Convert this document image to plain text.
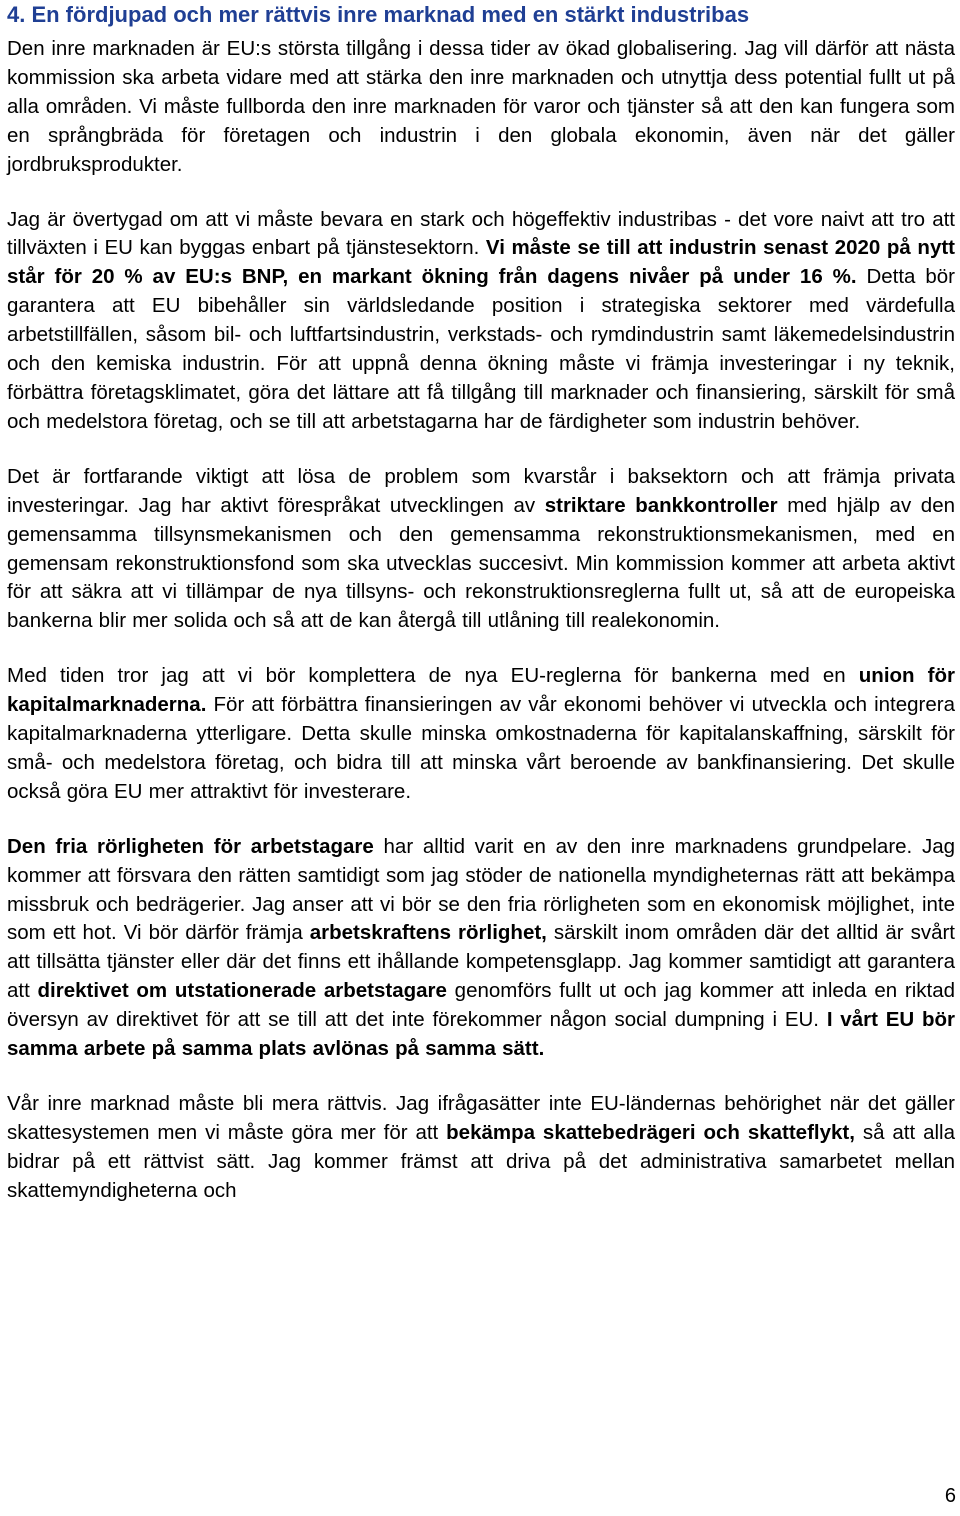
4. En fördjupad och mer rättvis inre marknad med en stärkt industribas

Den inre marknaden är EU:s största tillgång i dessa tider av ökad globalisering. Jag vill därför att nästa kommission ska arbeta vidare med att stärka den inre marknaden och utnyttja dess potential fullt ut på alla områden. Vi måste fullborda den inre marknaden för varor och tjänster så att den kan fungera som en språngbräda för företagen och industrin i den globala ekonomin, även när det gäller jordbruksprodukter.

Jag är övertygad om att vi måste bevara en stark och högeffektiv industribas - det vore naivt att tro att tillväxten i EU kan byggas enbart på tjänstesektorn. Vi måste se till att industrin senast 2020 på nytt står för 20 % av EU:s BNP, en markant ökning från dagens nivåer på under 16 %. Detta bör garantera att EU bibehåller sin världsledande position i strategiska sektorer med värdefulla arbetstillfällen, såsom bil- och luftfartsindustrin, verkstads- och rymdindustrin samt läkemedelsindustrin och den kemiska industrin. För att uppnå denna ökning måste vi främja investeringar i ny teknik, förbättra företagsklimatet, göra det lättare att få tillgång till marknader och finansiering, särskilt för små och medelstora företag, och se till att arbetstagarna har de färdigheter som industrin behöver.

Det är fortfarande viktigt att lösa de problem som kvarstår i baksektorn och att främja privata investeringar. Jag har aktivt förespråkat utvecklingen av striktare bankkontroller med hjälp av den gemensamma tillsynsmekanismen och den gemensamma rekonstruktionsmekanismen, med en gemensam rekonstruktionsfond som ska utvecklas succesivt. Min kommission kommer att arbeta aktivt för att säkra att vi tillämpar de nya tillsyns- och rekonstruktionsreglerna fullt ut, så att de europeiska bankerna blir mer solida och så att de kan återgå till utlåning till realekonomin.

Med tiden tror jag att vi bör komplettera de nya EU-reglerna för bankerna med en union för kapitalmarknaderna. För att förbättra finansieringen av vår ekonomi behöver vi utveckla och integrera kapitalmarknaderna ytterligare. Detta skulle minska omkostnaderna för kapitalanskaffning, särskilt för små- och medelstora företag, och bidra till att minska vårt beroende av bankfinansiering. Det skulle också göra EU mer attraktivt för investerare.

Den fria rörligheten för arbetstagare har alltid varit en av den inre marknadens grundpelare. Jag kommer att försvara den rätten samtidigt som jag stöder de nationella myndigheternas rätt att bekämpa missbruk och bedrägerier. Jag anser att vi bör se den fria rörligheten som en ekonomisk möjlighet, inte som ett hot. Vi bör därför främja arbetskraftens rörlighet, särskilt inom områden där det alltid är svårt att tillsätta tjänster eller där det finns ett ihållande kompetensglapp. Jag kommer samtidigt att garantera att direktivet om utstationerade arbetstagare genomförs fullt ut och jag kommer att inleda en riktad översyn av direktivet för att se till att det inte förekommer någon social dumpning i EU. I vårt EU bör samma arbete på samma plats avlönas på samma sätt.

Vår inre marknad måste bli mera rättvis. Jag ifrågasätter inte EU-ländernas behörighet när det gäller skattesystemen men vi måste göra mer för att bekämpa skattebedrägeri och skatteflykt, så att alla bidrar på ett rättvist sätt. Jag kommer främst att driva på det administrativa samarbetet mellan skattemyndigheterna och

6
